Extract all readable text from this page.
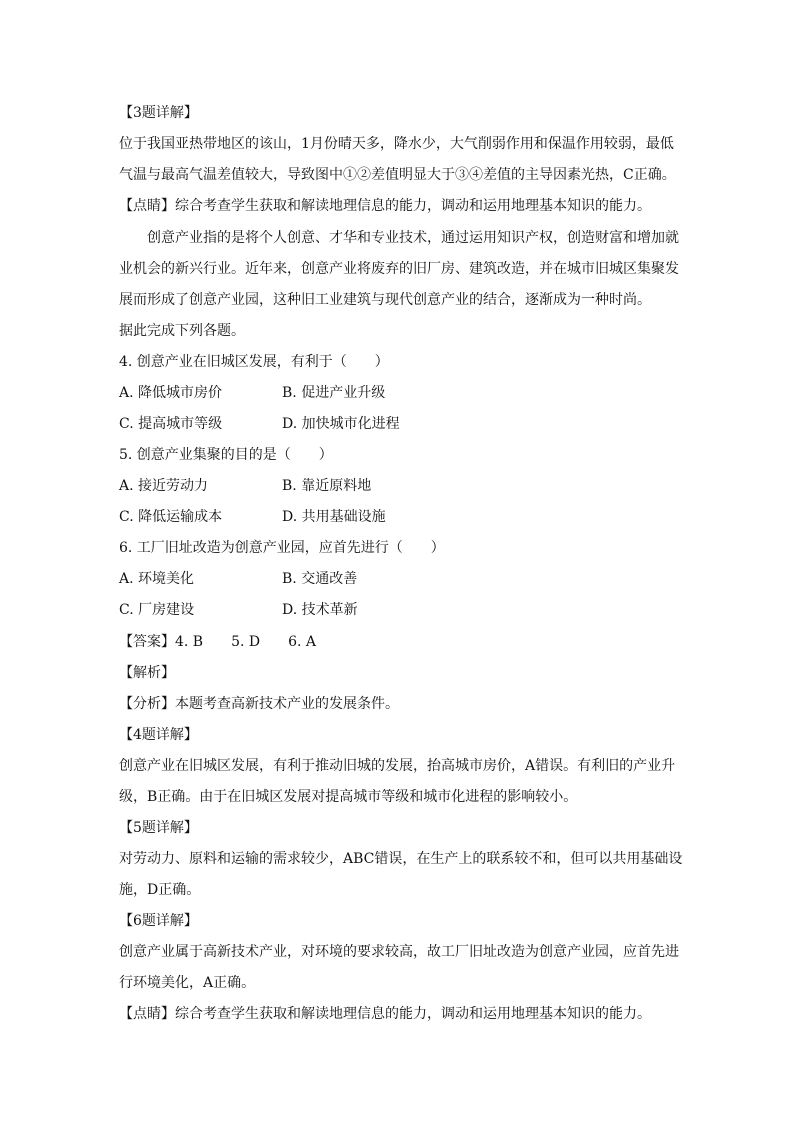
【3题详解】
位于我国亚热带地区的该山，1月份晴天多，降水少，大气削弱作用和保温作用较弱，最低
气温与最高气温差值较大，导致图中①②差值明显大于③④差值的主导因素光热，C正确。
【点睛】综合考查学生获取和解读地理信息的能力，调动和运用地理基本知识的能力。
创意产业指的是将个人创意、才华和专业技术，通过运用知识产权，创造财富和增加就
业机会的新兴行业。近年来，创意产业将废弃的旧厂房、建筑改造，并在城市旧城区集聚发
展而形成了创意产业园，这种旧工业建筑与现代创意产业的结合，逐渐成为一种时尚。
据此完成下列各题。
4. 创意产业在旧城区发展，有利于（　　）
A. 降低城市房价	B. 促进产业升级
C. 提高城市等级	D. 加快城市化进程
5. 创意产业集聚的目的是（　　）
A. 接近劳动力	B. 靠近原料地
C. 降低运输成本	D. 共用基础设施
6. 工厂旧址改造为创意产业园，应首先进行（　　）
A. 环境美化	B. 交通改善
C. 厂房建设	D. 技术革新
【答案】4. B　　5. D　　6. A
【解析】
【分析】本题考查高新技术产业的发展条件。
【4题详解】
创意产业在旧城区发展，有利于推动旧城的发展，抬高城市房价，A错误。有利旧的产业升
级，B正确。由于在旧城区发展对提高城市等级和城市化进程的影响较小。
【5题详解】
对劳动力、原料和运输的需求较少，ABC错误，在生产上的联系较不和，但可以共用基础设
施，D正确。
【6题详解】
创意产业属于高新技术产业，对环境的要求较高，故工厂旧址改造为创意产业园，应首先进
行环境美化，A正确。
【点睛】综合考查学生获取和解读地理信息的能力，调动和运用地理基本知识的能力。
